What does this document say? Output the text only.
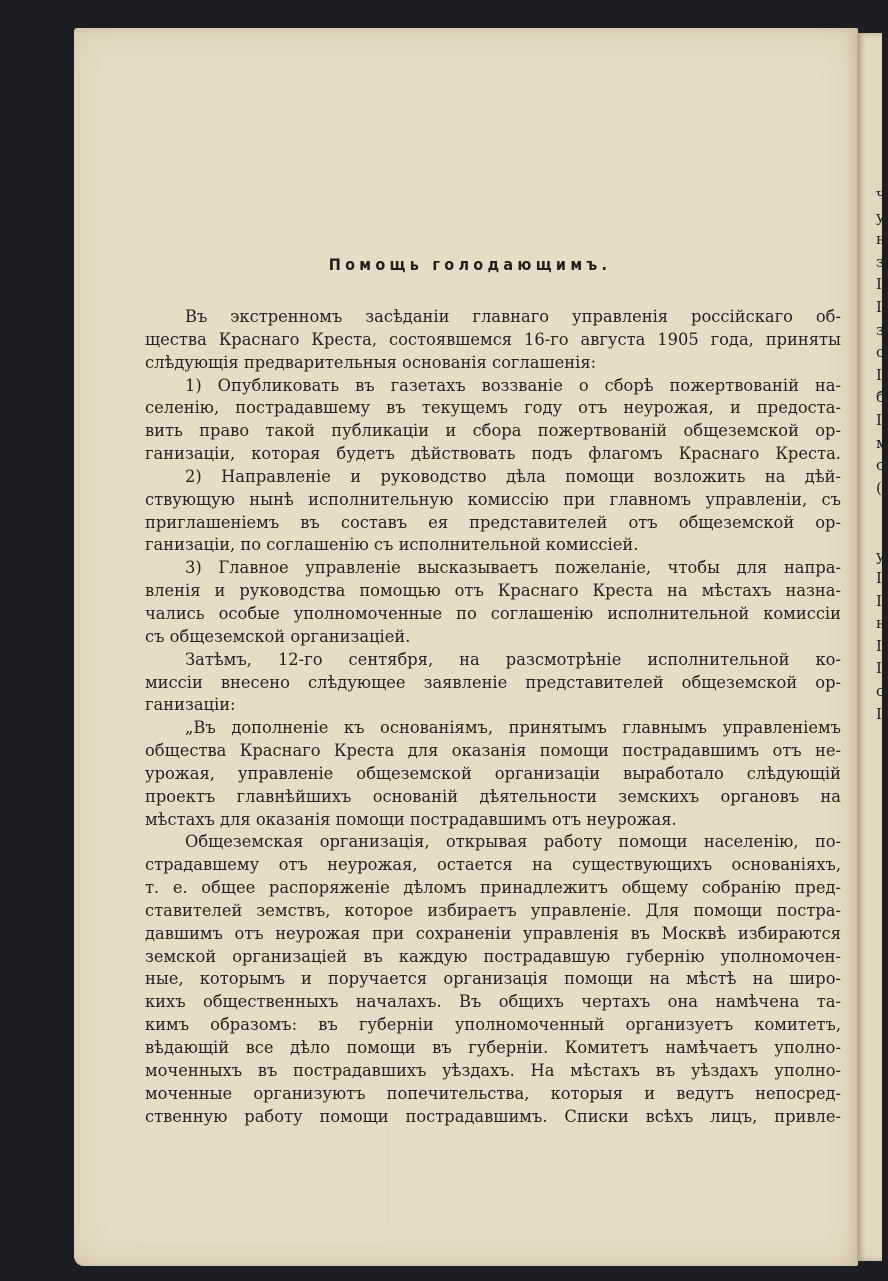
Помощь голодающимъ.
Въ экстренномъ засѣданіи главнаго управленія россійскаго об-
щества Краснаго Креста, состоявшемся 16-го августа 1905 года, приняты
слѣдующія предварительныя основанія соглашенія:
1) Опубликовать въ газетахъ воззваніе о сборѣ пожертвованій на-
селенію, пострадавшему въ текущемъ году отъ неурожая, и предоста-
вить право такой публикаціи и сбора пожертвованій общеземской ор-
ганизаціи, которая будетъ дѣйствовать подъ флагомъ Краснаго Креста.
2) Направленіе и руководство дѣла помощи возложить на дѣй-
ствующую нынѣ исполнительную комиссію при главномъ управленіи, съ
приглашеніемъ въ составъ ея представителей отъ общеземской ор-
ганизаціи, по соглашенію съ исполнительной комиссіей.
3) Главное управленіе высказываетъ пожеланіе, чтобы для напра-
вленія и руководства помощью отъ Краснаго Креста на мѣстахъ назна-
чались особые уполномоченные по соглашенію исполнительной комиссіи
съ общеземской организаціей.
Затѣмъ, 12-го сентября, на разсмотрѣніе исполнительной ко-
миссіи внесено слѣдующее заявленіе представителей общеземской ор-
ганизаціи:
„Въ дополненіе къ основаніямъ, принятымъ главнымъ управленіемъ
общества Краснаго Креста для оказанія помощи пострадавшимъ отъ не-
урожая, управленіе общеземской организаціи выработало слѣдующій
проектъ главнѣйшихъ основаній дѣятельности земскихъ органовъ на
мѣстахъ для оказанія помощи пострадавшимъ отъ неурожая.
Общеземская организація, открывая работу помощи населенію, по-
страдавшему отъ неурожая, остается на существующихъ основаніяхъ,
т. е. общее распоряженіе дѣломъ принадлежитъ общему собранію пред-
ставителей земствъ, которое избираетъ управленіе. Для помощи постра-
давшимъ отъ неурожая при сохраненіи управленія въ Москвѣ избираются
земской организаціей въ каждую пострадавшую губернію уполномочен-
ные, которымъ и поручается организація помощи на мѣстѣ на широ-
кихъ общественныхъ началахъ. Въ общихъ чертахъ она намѣчена та-
кимъ образомъ: въ губерніи уполномоченный организуетъ комитетъ,
вѣдающій все дѣло помощи въ губерніи. Комитетъ намѣчаетъ уполно-
моченныхъ въ пострадавшихъ уѣздахъ. На мѣстахъ въ уѣздахъ уполно-
моченные организуютъ попечительства, которыя и ведутъ непосред-
ственную работу помощи пострадавшимъ. Списки всѣхъ лицъ, привле-
ч
у
н
з
I
I
з
с
I
б
I
м
с
(
у
I
I
н
I
I
с
I
